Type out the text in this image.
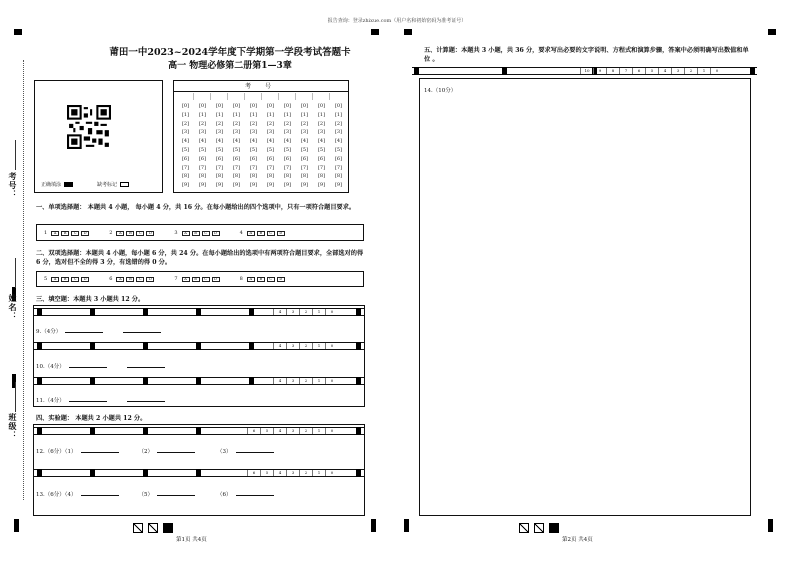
报告查询：登录zhixue.com（用户名和初始密码为准考证号）
考号：
姓名：
班级：
莆田一中2023~2024学年度下学期第一学段考试答题卡
高一 物理必修第二册第1—3章
正确填涂	缺考标记
考 号
[0]	[0]	[0]	[0]	[0]	[0]	[0]	[0]	[0]	[0]
[1]	[1]	[1]	[1]	[1]	[1]	[1]	[1]	[1]	[1]
[2]	[2]	[2]	[2]	[2]	[2]	[2]	[2]	[2]	[2]
[3]	[3]	[3]	[3]	[3]	[3]	[3]	[3]	[3]	[3]
[4]	[4]	[4]	[4]	[4]	[4]	[4]	[4]	[4]	[4]
[5]	[5]	[5]	[5]	[5]	[5]	[5]	[5]	[5]	[5]
[6]	[6]	[6]	[6]	[6]	[6]	[6]	[6]	[6]	[6]
[7]	[7]	[7]	[7]	[7]	[7]	[7]	[7]	[7]	[7]
[8]	[8]	[8]	[8]	[8]	[8]	[8]	[8]	[8]	[8]
[9]	[9]	[9]	[9]	[9]	[9]	[9]	[9]	[9]	[9]
一、单项选择题： 本题共 4 小题， 每小题 4 分，共 16 分。在每小题给出的四个选项中，只有一项符合题目要求。
1	A	B	C	D	2	A	B	C	D	3	A	B	C	D	4	A	B	C	D
二、双项选择题：本题共 4 小题，每小题 6 分，共 24 分。在每小题给出的选项中有两项符合题目要求，全部选对的得 6 分，选对但不全的得 3 分，有选错的得 0 分。
5	A	B	C	D	6	A	B	C	D	7	A	B	C	D	8	A	B	C	D
三、填空题：本题共 3 小题共 12 分。
4	3	2	1	0
9.（4分）
4	3	2	1	0
10.（4分）
4	3	2	1	0
11.（4分）
四、实验题： 本题共 2 小题共 12 分。
6	5	4	3	2	1	0
12.（6分）（1）	（2）	（3）
6	5	4	3	2	1	0
13.（6分）（4）	（5）	（6）
第1页 共4页
五、计算题：本题共 3 小题，共 36 分，要求写出必要的文字说明、方程式和演算步骤，答案中必须明确写出数值和单位 。
10	9	8	7	6	5	4	3	2	1	0
14.（10分）
第2页 共4页
